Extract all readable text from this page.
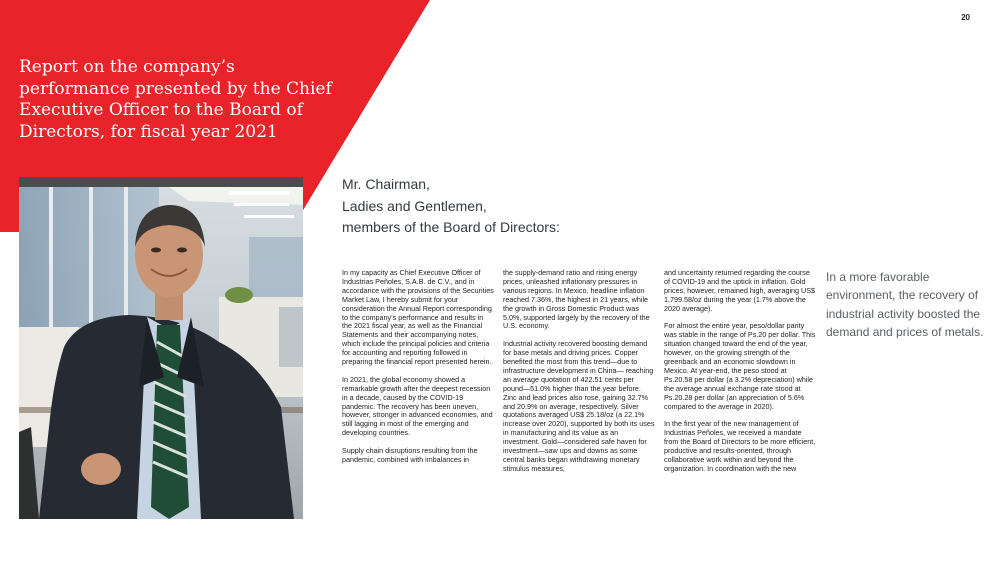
20
Report on the company’s performance presented by the Chief Executive Officer to the Board of Directors, for fiscal year 2021
Mr. Chairman,
Ladies and Gentlemen,
members of the Board of Directors:

In my capacity as Chief Executive Officer of Industrias Peñoles, S.A.B. de C.V., and in accordance with the provisions of the Securities Market Law, I hereby submit for your consideration the Annual Report corresponding to the company’s performance and results in the 2021 fiscal year, as well as the Financial Statements and their accompanying notes, which include the principal policies and criteria for accounting and reporting followed in preparing the financial report presented herein.

In 2021, the global economy showed a remarkable growth after the deepest recession in a decade, caused by the COVID-19 pandemic. The recovery has been uneven, however, stronger in advanced economies, and still lagging in most of the emerging and developing countries.

Supply chain disruptions resulting from the pandemic, combined with imbalances in

the supply-demand ratio and rising energy prices, unleashed inflationary pressures in various regions. In Mexico, headline inflation reached 7.36%, the highest in 21 years, while the growth in Gross Domestic Product was 5.0%, supported largely by the recovery of the U.S. economy.

Industrial activity recovered boosting demand for base metals and driving prices. Copper benefited the most from this trend—due to infrastructure development in China— reaching an average quotation of 422.51 cents per pound—51.0% higher than the year before. Zinc and lead prices also rose, gaining 32.7% and 20.9% on average, respectively. Silver quotations averaged US$ 25.18/oz (a 22.1% increase over 2020), supported by both its uses in manufacturing and its value as an investment. Gold—considered safe haven for investment—saw ups and downs as some central banks began withdrawing monetary stimulus measures,

and uncertainty returned regarding the course of COVID-19 and the uptick in inflation. Gold prices, however, remained high, averaging US$ 1,799.58/oz during the year (1.7% above the 2020 average).

For almost the entire year, peso/dollar parity was stable in the range of Ps.20 per dollar. This situation changed toward the end of the year, however, on the growing strength of the greenback and an economic slowdown in Mexico. At year-end, the peso stood at Ps.20.58 per dollar (a 3.2% depreciation) while the average annual exchange rate stood at Ps.20.28 per dollar (an appreciation of 5.6% compared to the average in 2020).

In the first year of the new management of Industrias Peñoles, we received a mandate from the Board of Directors to be more efficient, productive and results-oriented, through collaborative work within and beyond the organization. In coordination with the new

In a more favorable environment, the recovery of industrial activity boosted the demand and prices of metals.
